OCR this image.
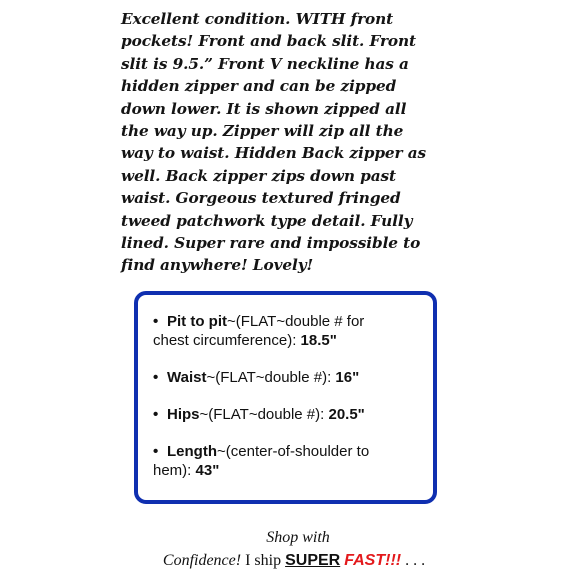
Excellent condition. WITH front
pockets! Front and back slit. Front
slit is 9.5.” Front V neckline has a
hidden zipper and can be zipped
down lower. It is shown zipped all
the way up. Zipper will zip all the
way to waist. Hidden Back zipper as
well. Back zipper zips down past
waist. Gorgeous textured fringed
tweed patchwork type detail. Fully
lined. Super rare and impossible to
find anywhere! Lovely!
• Pit to pit~(FLAT~double # for
chest circumference): 18.5"
• Waist~(FLAT~double #): 16"
• Hips~(FLAT~double #): 20.5"
• Length~(center-of-shoulder to
hem): 43"
Shop with
Confidence! I ship SUPER FAST!!! . . .
